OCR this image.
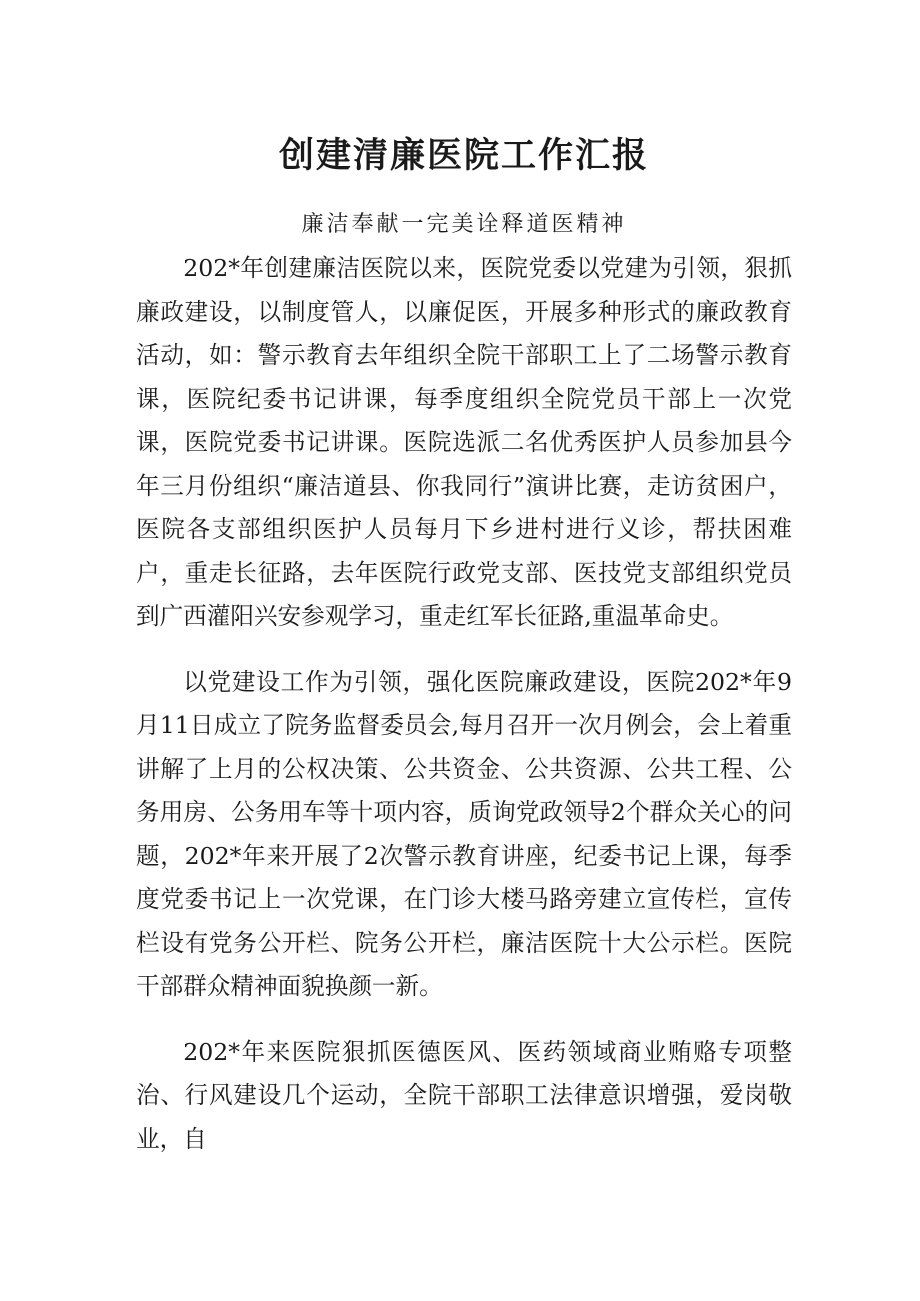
创建清廉医院工作汇报
廉洁奉献一完美诠释道医精神

202*年创建廉洁医院以来，医院党委以党建为引领，狠抓廉政建设，以制度管人，以廉促医，开展多种形式的廉政教育活动，如：警示教育去年组织全院干部职工上了二场警示教育课，医院纪委书记讲课，每季度组织全院党员干部上一次党课，医院党委书记讲课。医院选派二名优秀医护人员参加县今年三月份组织“廉洁道县、你我同行”演讲比赛，走访贫困户，医院各支部组织医护人员每月下乡进村进行义诊，帮扶困难户，重走长征路，去年医院行政党支部、医技党支部组织党员到广西灌阳兴安参观学习，重走红军长征路,重温革命史。

以党建设工作为引领，强化医院廉政建设，医院202*年9月11日成立了院务监督委员会,每月召开一次月例会，会上着重讲解了上月的公权决策、公共资金、公共资源、公共工程、公务用房、公务用车等十项内容，质询党政领导2个群众关心的问题，202*年来开展了2次警示教育讲座，纪委书记上课，每季度党委书记上一次党课，在门诊大楼马路旁建立宣传栏，宣传栏设有党务公开栏、院务公开栏，廉洁医院十大公示栏。医院干部群众精神面貌换颜一新。

202*年来医院狠抓医德医风、医药领域商业贿赂专项整治、行风建设几个运动，全院干部职工法律意识增强，爱岗敬业，自
